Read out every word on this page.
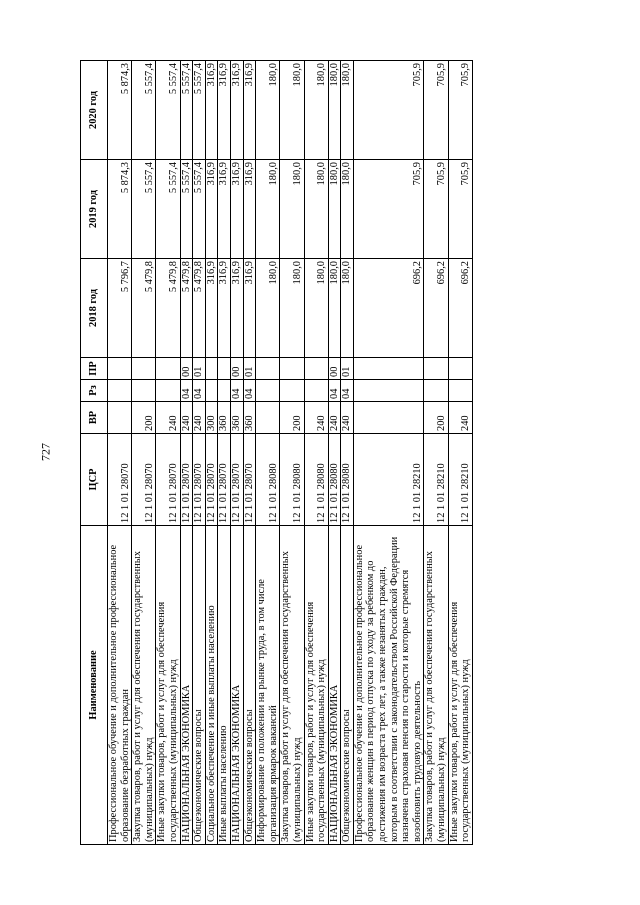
727
Наименование	ЦСР	ВР	Рз	ПР	2018 год	2019 год	2020 год
Профессиональное обучение и дополнительное профессиональное образование безработных граждан	12 1 01 28070				5 796,7	5 874,3	5 874,3
Закупка товаров, работ и услуг для обеспечения государственных (муниципальных) нужд	12 1 01 28070	200			5 479,8	5 557,4	5 557,4
Иные закупки товаров, работ и услуг для обеспечения государственных (муниципальных) нужд	12 1 01 28070	240			5 479,8	5 557,4	5 557,4
НАЦИОНАЛЬНАЯ ЭКОНОМИКА	12 1 01 28070	240	04	00	5 479,8	5 557,4	5 557,4
Общеэкономические вопросы	12 1 01 28070	240	04	01	5 479,8	5 557,4	5 557,4
Социальное обеспечение и иные выплаты населению	12 1 01 28070	300			316,9	316,9	316,9
Иные выплаты населению	12 1 01 28070	360			316,9	316,9	316,9
НАЦИОНАЛЬНАЯ ЭКОНОМИКА	12 1 01 28070	360	04	00	316,9	316,9	316,9
Общеэкономические вопросы	12 1 01 28070	360	04	01	316,9	316,9	316,9
Информирование о положении на рынке труда, в том числе организация ярмарок вакансий	12 1 01 28080				180,0	180,0	180,0
Закупка товаров, работ и услуг для обеспечения государственных (муниципальных) нужд	12 1 01 28080	200			180,0	180,0	180,0
Иные закупки товаров, работ и услуг для обеспечения государственных (муниципальных) нужд	12 1 01 28080	240			180,0	180,0	180,0
НАЦИОНАЛЬНАЯ ЭКОНОМИКА	12 1 01 28080	240	04	00	180,0	180,0	180,0
Общеэкономические вопросы	12 1 01 28080	240	04	01	180,0	180,0	180,0
Профессиональное обучение и дополнительное профессиональное образование женщин в период отпуска по уходу за ребенком до достижения им возраста трех лет, а также незанятых граждан, которым в соответствии с законодательством Российской Федерации назначена страховая пенсия по старости и которые стремятся возобновить трудовую деятельность	12 1 01 28210				696,2	705,9	705,9
Закупка товаров, работ и услуг для обеспечения государственных (муниципальных) нужд	12 1 01 28210	200			696,2	705,9	705,9
Иные закупки товаров, работ и услуг для обеспечения государственных (муниципальных) нужд	12 1 01 28210	240			696,2	705,9	705,9
